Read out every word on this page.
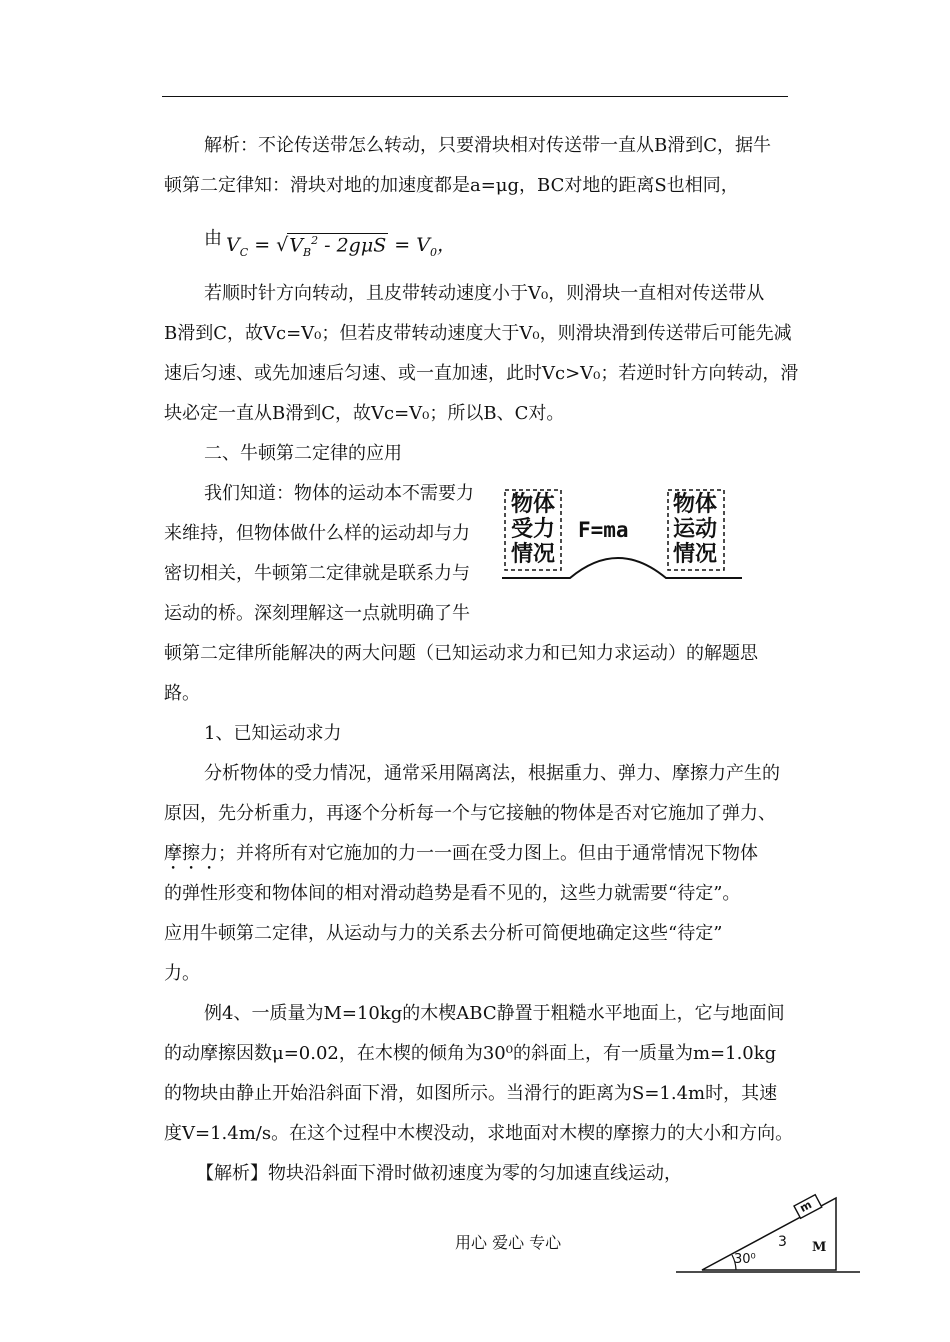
解析：不论传送带怎么转动，只要滑块相对传送带一直从B滑到C，据牛
顿第二定律知：滑块对地的加速度都是a=μg，BC对地的距离S也相同，
由 $V_C = √V_B^2 - 2g\mu S = V_0$，
若顺时针方向转动，且皮带转动速度小于V₀，则滑块一直相对传送带从
B滑到C，故Vc=V₀；但若皮带转动速度大于V₀，则滑块滑到传送带后可能先减
速后匀速、或先加速后匀速、或一直加速，此时Vc>V₀；若逆时针方向转动，滑
块必定一直从B滑到C，故Vc=V₀；所以B、C对。
二、牛顿第二定律的应用
我们知道：物体的运动本不需要力
来维持，但物体做什么样的运动却与力
密切相关，牛顿第二定律就是联系力与
运动的桥。深刻理解这一点就明确了牛
物体
受力
情况
F=ma
物体
运动
情况
顿第二定律所能解决的两大问题（已知运动求力和已知力求运动）的解题思
路。
1、已知运动求力
分析物体的受力情况，通常采用隔离法，根据重力、弹力、摩擦力产生的
原因，先分析重力，再逐个分析每一个与它接触的物体是否对它施加了弹力、
摩擦力；并将所有对它施加的力一一画在受力图上。但由于通常情况下物体
的弹性形变和物体间的相对滑动趋势是看不见的，这些力就需要“待定”。
应用牛顿第二定律，从运动与力的关系去分析可简便地确定这些“待定”
力。
例4、一质量为M=10kg的木楔ABC静置于粗糙水平地面上，它与地面间
的动摩擦因数μ=0.02，在木楔的倾角为30⁰的斜面上，有一质量为m=1.0kg
的物块由静止开始沿斜面下滑，如图所示。当滑行的距离为S=1.4m时，其速
度V=1.4m/s。在这个过程中木楔没动，求地面对木楔的摩擦力的大小和方向。
【解析】物块沿斜面下滑时做初速度为零的匀加速直线运动，
m
3 M
30⁰
用心 爱心 专心
